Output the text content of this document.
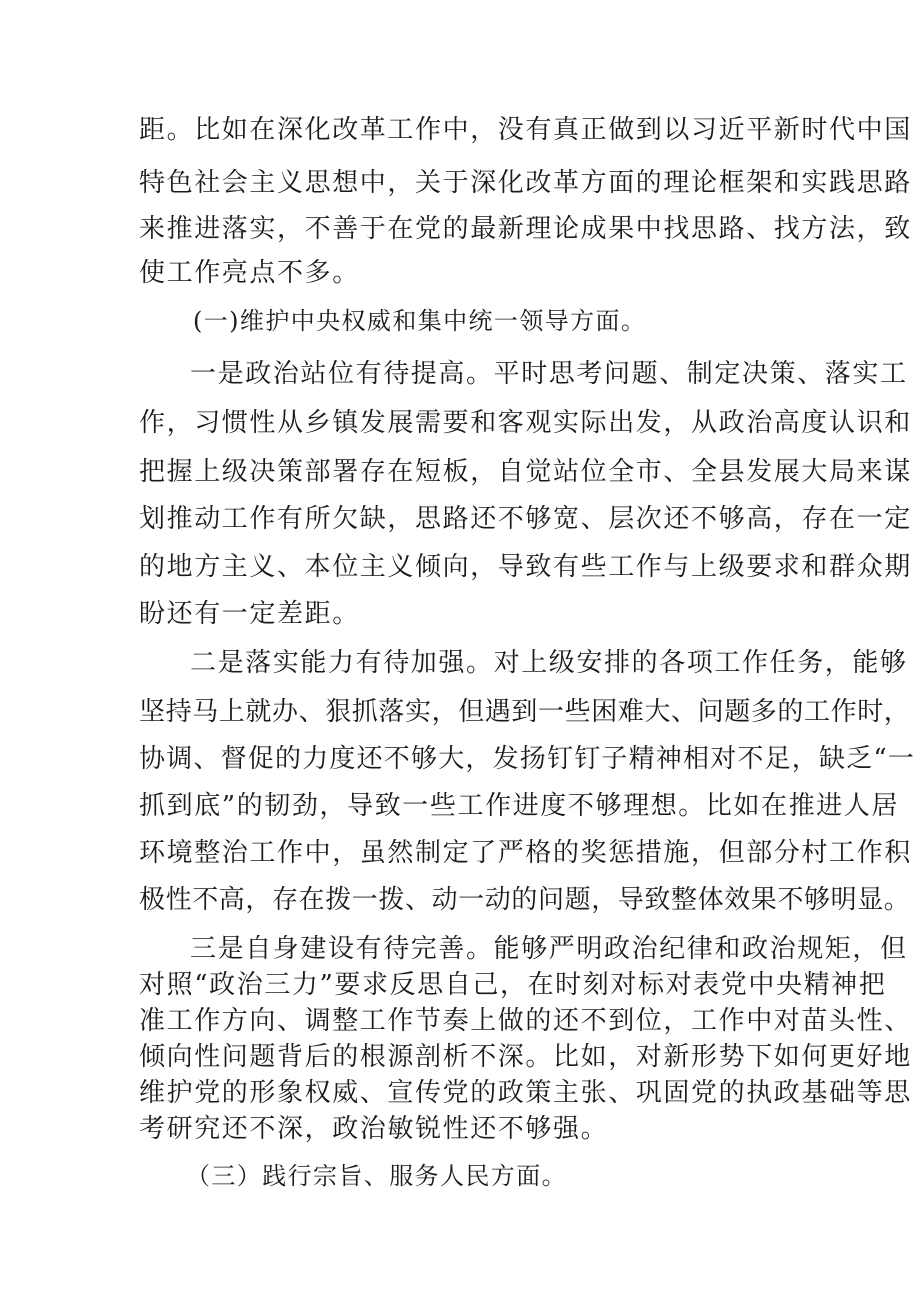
距。比如在深化改革工作中，没有真正做到以习近平新时代中国

特色社会主义思想中，关于深化改革方面的理论框架和实践思路

来推进落实，不善于在党的最新理论成果中找思路、找方法，致

使工作亮点不多。

(一)维护中央权威和集中统一领导方面。

一是政治站位有待提高。平时思考问题、制定决策、落实工

作，习惯性从乡镇发展需要和客观实际出发，从政治高度认识和

把握上级决策部署存在短板，自觉站位全市、全县发展大局来谋

划推动工作有所欠缺，思路还不够宽、层次还不够高，存在一定

的地方主义、本位主义倾向，导致有些工作与上级要求和群众期

盼还有一定差距。

二是落实能力有待加强。对上级安排的各项工作任务，能够

坚持马上就办、狠抓落实，但遇到一些困难大、问题多的工作时，

协调、督促的力度还不够大，发扬钉钉子精神相对不足，缺乏“一

抓到底”的韧劲，导致一些工作进度不够理想。比如在推进人居

环境整治工作中，虽然制定了严格的奖惩措施，但部分村工作积

极性不高，存在拨一拨、动一动的问题，导致整体效果不够明显。

三是自身建设有待完善。能够严明政治纪律和政治规矩，但

对照“政治三力”要求反思自己，在时刻对标对表党中央精神把

准工作方向、调整工作节奏上做的还不到位，工作中对苗头性、

倾向性问题背后的根源剖析不深。比如，对新形势下如何更好地

维护党的形象权威、宣传党的政策主张、巩固党的执政基础等思

考研究还不深，政治敏锐性还不够强。

（三）践行宗旨、服务人民方面。
